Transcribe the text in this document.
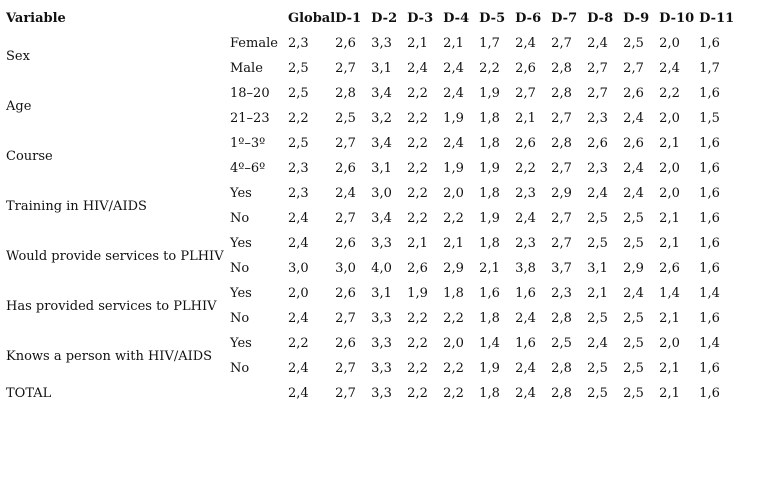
Variable		Global	D-1	D-2	D-3	D-4	D-5	D-6	D-7	D-8	D-9	D-10	D-11
Sex	Female	2,3	2,6	3,3	2,1	2,1	1,7	2,4	2,7	2,4	2,5	2,0	1,6
	Male	2,5	2,7	3,1	2,4	2,4	2,2	2,6	2,8	2,7	2,7	2,4	1,7
Age	18–20	2,5	2,8	3,4	2,2	2,4	1,9	2,7	2,8	2,7	2,6	2,2	1,6
	21–23	2,2	2,5	3,2	2,2	1,9	1,8	2,1	2,7	2,3	2,4	2,0	1,5
Course	1º–3º	2,5	2,7	3,4	2,2	2,4	1,8	2,6	2,8	2,6	2,6	2,1	1,6
	4º–6º	2,3	2,6	3,1	2,2	1,9	1,9	2,2	2,7	2,3	2,4	2,0	1,6
Training in HIV/AIDS	Yes	2,3	2,4	3,0	2,2	2,0	1,8	2,3	2,9	2,4	2,4	2,0	1,6
	No	2,4	2,7	3,4	2,2	2,2	1,9	2,4	2,7	2,5	2,5	2,1	1,6
Would provide services to PLHIV	Yes	2,4	2,6	3,3	2,1	2,1	1,8	2,3	2,7	2,5	2,5	2,1	1,6
	No	3,0	3,0	4,0	2,6	2,9	2,1	3,8	3,7	3,1	2,9	2,6	1,6
Has provided services to PLHIV	Yes	2,0	2,6	3,1	1,9	1,8	1,6	1,6	2,3	2,1	2,4	1,4	1,4
	No	2,4	2,7	3,3	2,2	2,2	1,8	2,4	2,8	2,5	2,5	2,1	1,6
Knows a person with HIV/AIDS	Yes	2,2	2,6	3,3	2,2	2,0	1,4	1,6	2,5	2,4	2,5	2,0	1,4
	No	2,4	2,7	3,3	2,2	2,2	1,9	2,4	2,8	2,5	2,5	2,1	1,6
TOTAL		2,4	2,7	3,3	2,2	2,2	1,8	2,4	2,8	2,5	2,5	2,1	1,6
